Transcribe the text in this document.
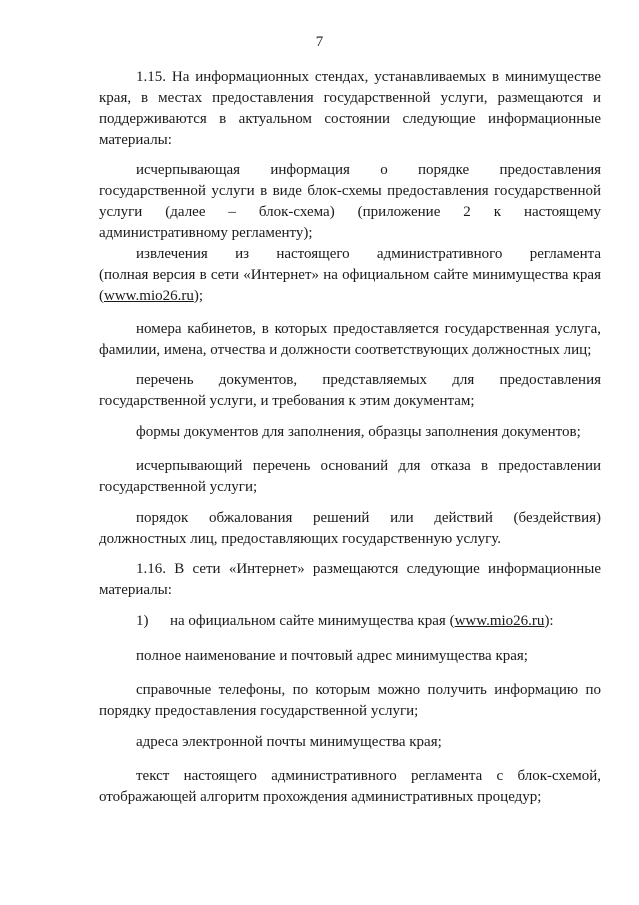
7
1.15. На информационных стендах, устанавливаемых в минимуществе края, в местах предоставления государственной услуги, размещаются и поддерживаются в актуальном состоянии следующие информационные материалы:
исчерпывающая информация о порядке предоставления
государственной услуги в виде блок-схемы предоставления государственной
услуги (далее – блок-схема) (приложение 2 к настоящему
административному регламенту);
извлечения из настоящего административного регламента
(полная версия в сети «Интернет» на официальном сайте минимущества края
(www.mio26.ru);
номера кабинетов, в которых предоставляется государственная услуга,
фамилии, имена, отчества и должности соответствующих должностных лиц;
перечень документов, представляемых для предоставления
государственной услуги, и требования к этим документам;
формы документов для заполнения, образцы заполнения документов;
исчерпывающий перечень оснований для отказа в предоставлении
государственной услуги;
порядок обжалования решений или действий (бездействия)
должностных лиц, предоставляющих государственную услугу.
1.16. В сети «Интернет» размещаются следующие информационные
материалы:
1) на официальном сайте минимущества края (www.mio26.ru):
полное наименование и почтовый адрес минимущества края;
справочные телефоны, по которым можно получить информацию по
порядку предоставления государственной услуги;
адреса электронной почты минимущества края;
текст настоящего административного регламента с блок-схемой,
отображающей алгоритм прохождения административных процедур;
